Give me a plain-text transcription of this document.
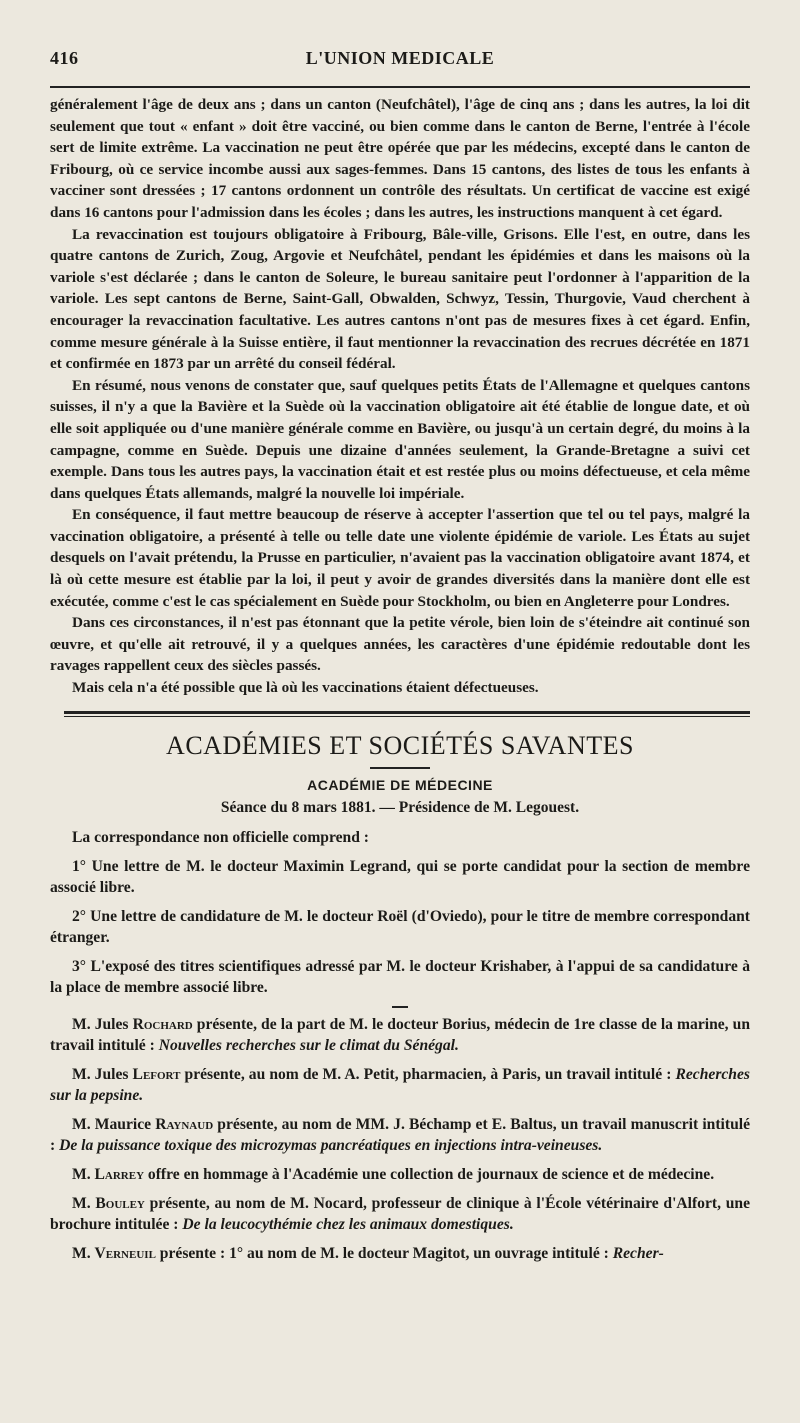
416	L'UNION MEDICALE

généralement l'âge de deux ans ; dans un canton (Neufchâtel), l'âge de cinq ans ; dans les autres, la loi dit seulement que tout « enfant » doit être vacciné, ou bien comme dans le canton de Berne, l'entrée à l'école sert de limite extrême. La vaccination ne peut être opérée que par les médecins, excepté dans le canton de Fribourg, où ce service incombe aussi aux sages-femmes. Dans 15 cantons, des listes de tous les enfants à vacciner sont dressées ; 17 cantons ordonnent un contrôle des résultats. Un certificat de vaccine est exigé dans 16 cantons pour l'admission dans les écoles ; dans les autres, les instructions manquent à cet égard.

La revaccination est toujours obligatoire à Fribourg, Bâle-ville, Grisons. Elle l'est, en outre, dans les quatre cantons de Zurich, Zoug, Argovie et Neufchâtel, pendant les épidémies et dans les maisons où la variole s'est déclarée ; dans le canton de Soleure, le bureau sanitaire peut l'ordonner à l'apparition de la variole. Les sept cantons de Berne, Saint-Gall, Obwalden, Schwyz, Tessin, Thurgovie, Vaud cherchent à encourager la revaccination facultative. Les autres cantons n'ont pas de mesures fixes à cet égard. Enfin, comme mesure générale à la Suisse entière, il faut mentionner la revaccination des recrues décrétée en 1871 et confirmée en 1873 par un arrêté du conseil fédéral.

En résumé, nous venons de constater que, sauf quelques petits États de l'Allemagne et quelques cantons suisses, il n'y a que la Bavière et la Suède où la vaccination obligatoire ait été établie de longue date, et où elle soit appliquée ou d'une manière générale comme en Bavière, ou jusqu'à un certain degré, du moins à la campagne, comme en Suède. Depuis une dizaine d'années seulement, la Grande-Bretagne a suivi cet exemple. Dans tous les autres pays, la vaccination était et est restée plus ou moins défectueuse, et cela même dans quelques États allemands, malgré la nouvelle loi impériale.

En conséquence, il faut mettre beaucoup de réserve à accepter l'assertion que tel ou tel pays, malgré la vaccination obligatoire, a présenté à telle ou telle date une violente épidémie de variole. Les États au sujet desquels on l'avait prétendu, la Prusse en particulier, n'avaient pas la vaccination obligatoire avant 1874, et là où cette mesure est établie par la loi, il peut y avoir de grandes diversités dans la manière dont elle est exécutée, comme c'est le cas spécialement en Suède pour Stockholm, ou bien en Angleterre pour Londres.

Dans ces circonstances, il n'est pas étonnant que la petite vérole, bien loin de s'éteindre ait continué son œuvre, et qu'elle ait retrouvé, il y a quelques années, les caractères d'une épidémie redoutable dont les ravages rappellent ceux des siècles passés.

Mais cela n'a été possible que là où les vaccinations étaient défectueuses.

ACADÉMIES ET SOCIÉTÉS SAVANTES
ACADÉMIE DE MÉDECINE
Séance du 8 mars 1881. — Présidence de M. Legouest.

La correspondance non officielle comprend :

1° Une lettre de M. le docteur Maximin Legrand, qui se porte candidat pour la section de membre associé libre.

2° Une lettre de candidature de M. le docteur Roël (d'Oviedo), pour le titre de membre correspondant étranger.

3° L'exposé des titres scientifiques adressé par M. le docteur Krishaber, à l'appui de sa candidature à la place de membre associé libre.

M. Jules Rochard présente, de la part de M. le docteur Borius, médecin de 1re classe de la marine, un travail intitulé : Nouvelles recherches sur le climat du Sénégal.

M. Jules Lefort présente, au nom de M. A. Petit, pharmacien, à Paris, un travail intitulé : Recherches sur la pepsine.

M. Maurice Raynaud présente, au nom de MM. J. Béchamp et E. Baltus, un travail manuscrit intitulé : De la puissance toxique des microzymas pancréatiques en injections intra-veineuses.

M. Larrey offre en hommage à l'Académie une collection de journaux de science et de médecine.

M. Bouley présente, au nom de M. Nocard, professeur de clinique à l'École vétérinaire d'Alfort, une brochure intitulée : De la leucocythémie chez les animaux domestiques.

M. Verneuil présente : 1° au nom de M. le docteur Magitot, un ouvrage intitulé : Recher-
